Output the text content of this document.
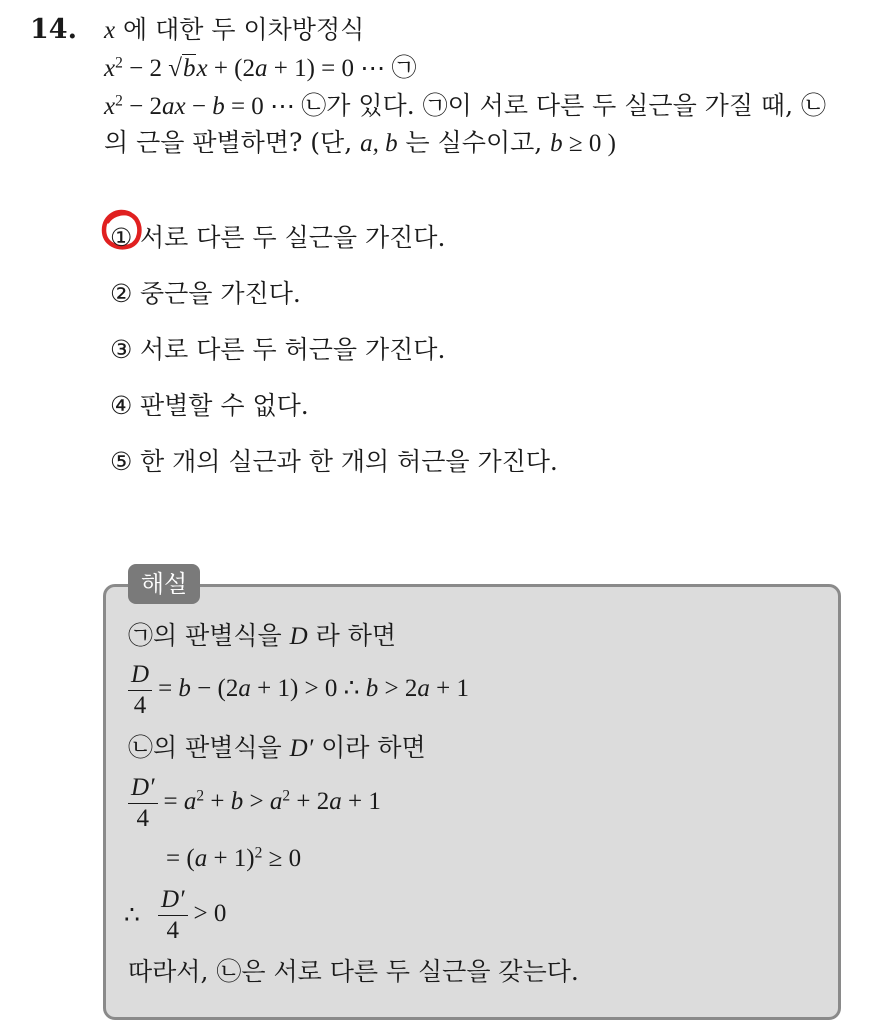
14. x 에 대한 두 이차방정식
$x^2 - 2$ √bx + (2a + 1) = 0 ⋯ ㉠
$x^2 - 2ax - b = 0$ ⋯ ㉡가 있다. ㉠이 서로 다른 두 실근을 가질 때, ㉡
의 근을 판별하면? (단, a, b 는 실수이고, b ≥ 0 )
① 서로 다른 두 실근을 가진다.
② 중근을 가진다.
③ 서로 다른 두 허근을 가진다.
④ 판별할 수 없다.
⑤ 한 개의 실근과 한 개의 허근을 가진다.
해설
㉠의 판별식을 D 라 하면
$\frac{D}{4} = b - (2a + 1) > 0$ ∴ b > 2a + 1
㉡의 판별식을 D′ 이라 하면
$\frac{D'}{4} = a^2 + b > a^2 + 2a + 1$
= $(a + 1)^2 \ge 0$
∴ $\frac{D'}{4} > 0$
따라서, ㉡은 서로 다른 두 실근을 갖는다.
